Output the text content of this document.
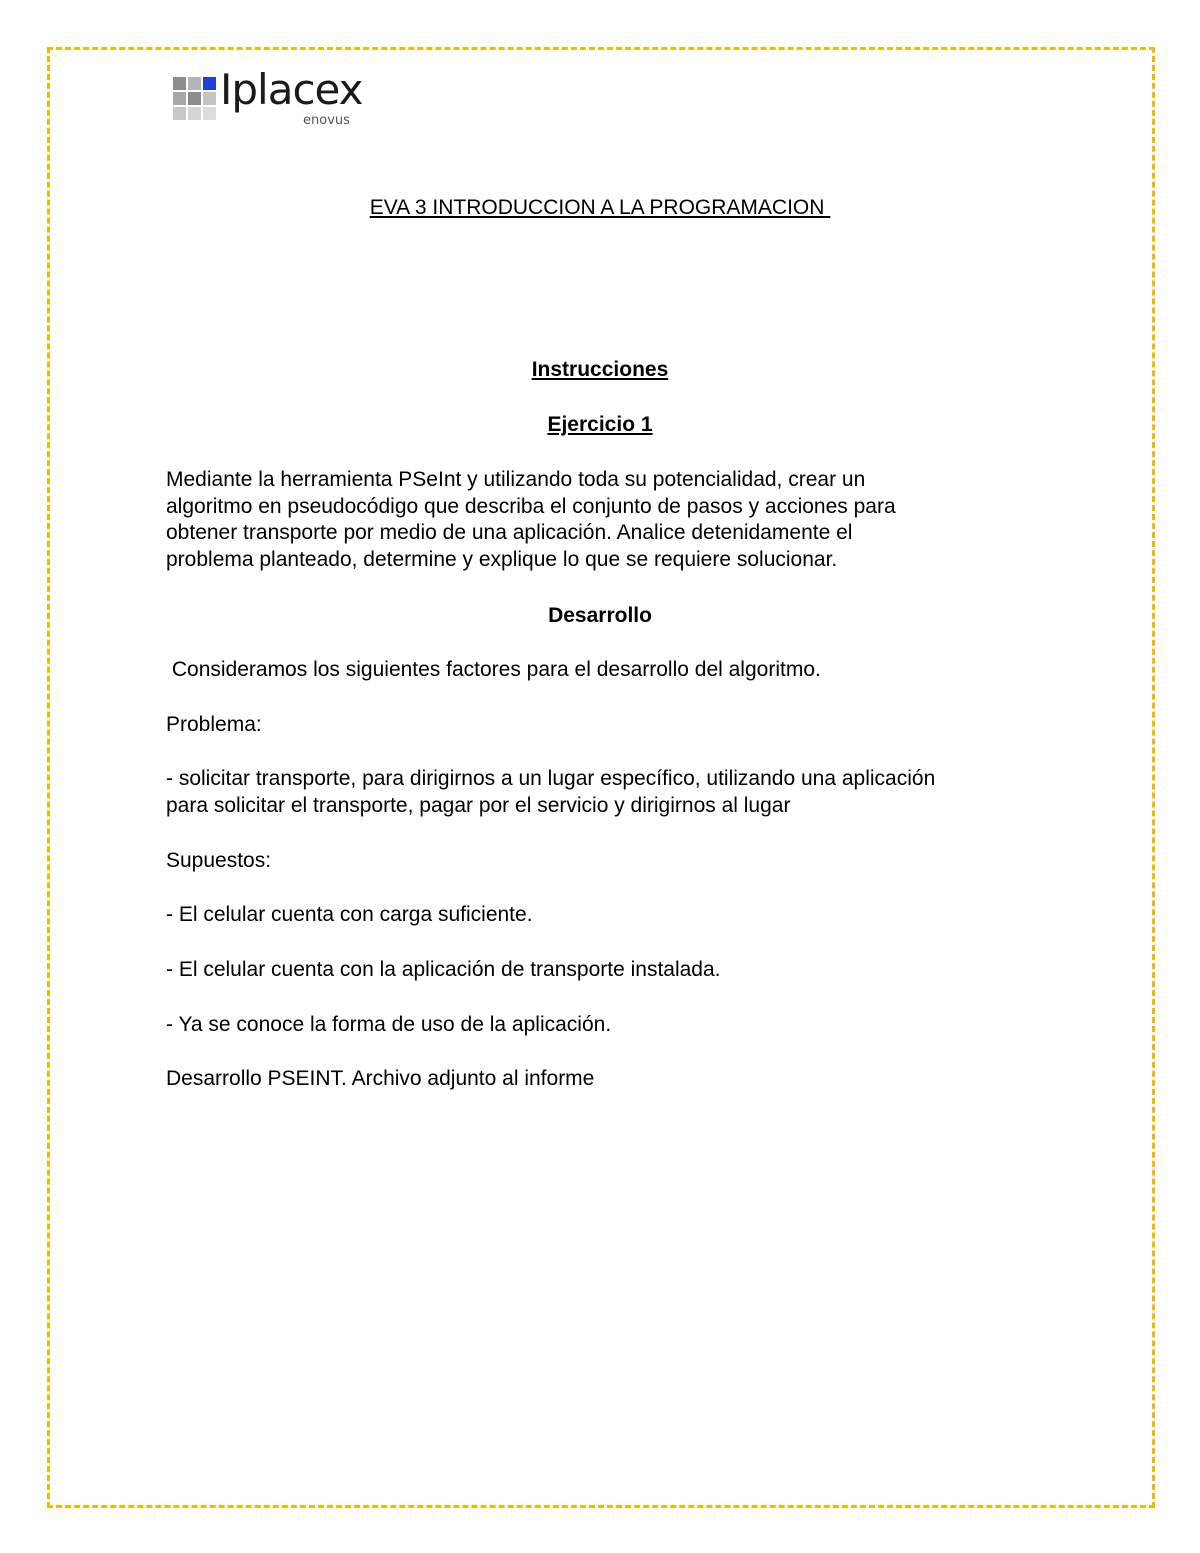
Iplacex
enovus
EVA 3 INTRODUCCION A LA PROGRAMACION
Instrucciones
Ejercicio 1
Mediante la herramienta PSeInt y utilizando toda su potencialidad, crear un
algoritmo en pseudocódigo que describa el conjunto de pasos y acciones para
obtener transporte por medio de una aplicación. Analice detenidamente el
problema planteado, determine y explique lo que se requiere solucionar.
Desarrollo
Consideramos los siguientes factores para el desarrollo del algoritmo.
Problema:
- solicitar transporte, para dirigirnos a un lugar específico, utilizando una aplicación
para solicitar el transporte, pagar por el servicio y dirigirnos al lugar
Supuestos:
- El celular cuenta con carga suficiente.
- El celular cuenta con la aplicación de transporte instalada.
- Ya se conoce la forma de uso de la aplicación.
Desarrollo PSEINT. Archivo adjunto al informe
